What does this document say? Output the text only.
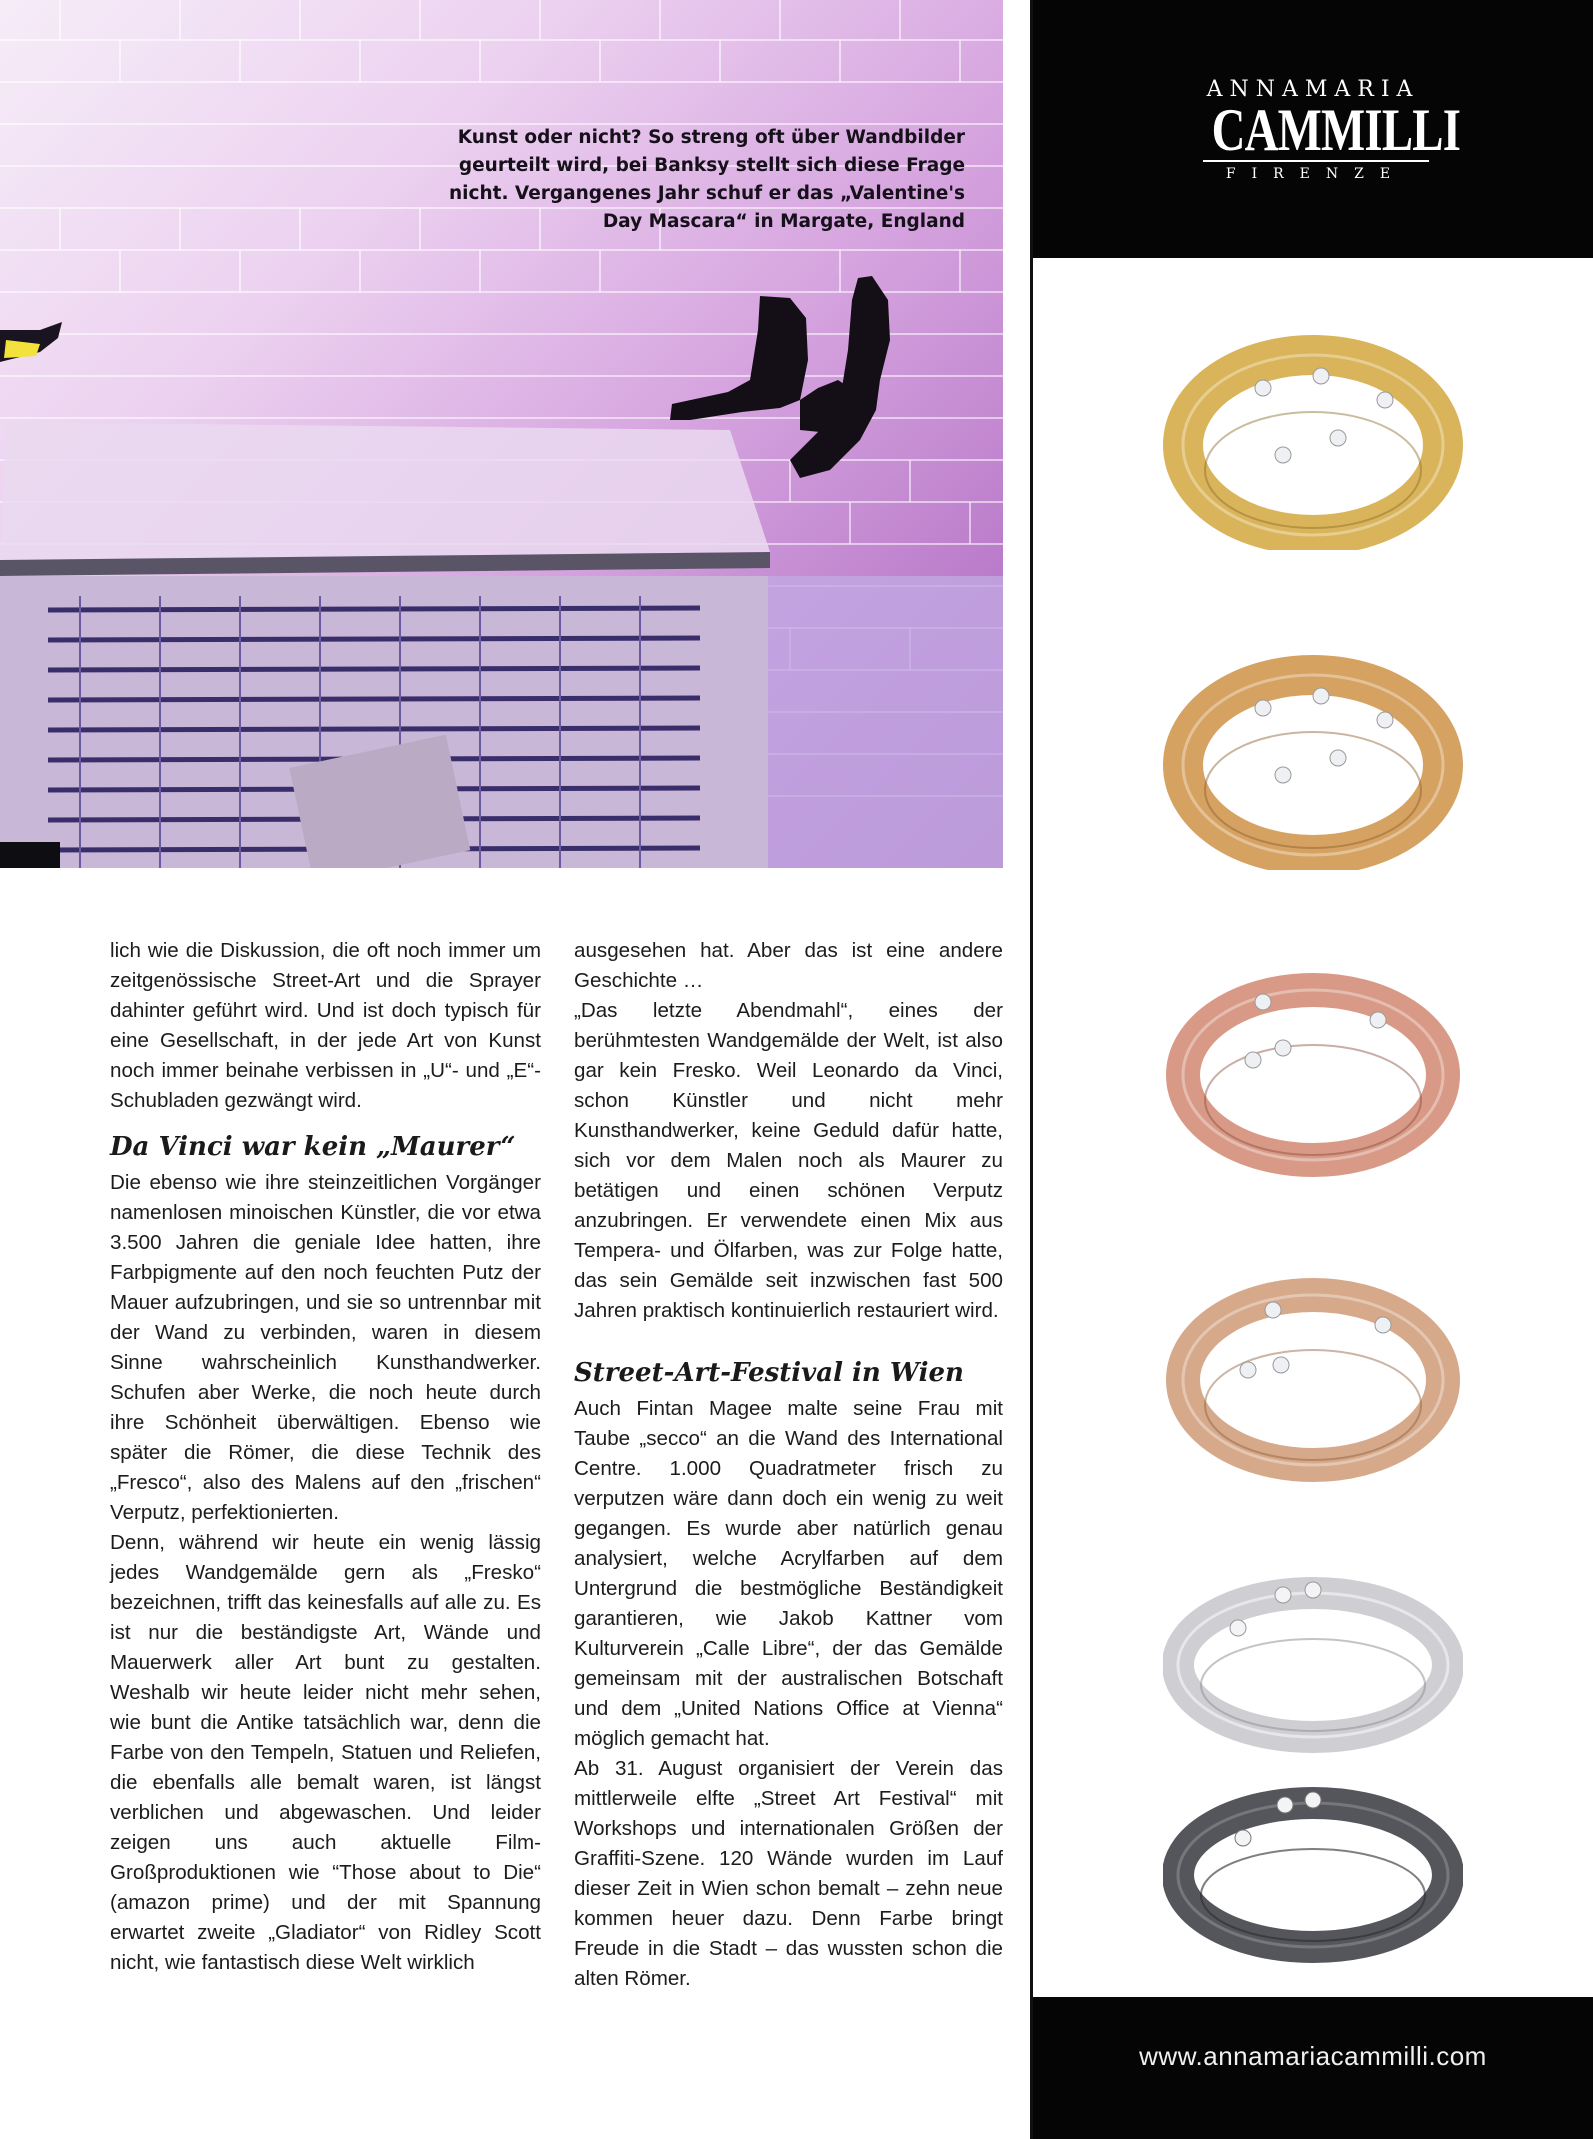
Kunst oder nicht? So streng oft über Wandbilder
geurteilt wird, bei Banksy stellt sich diese Frage
nicht. Vergangenes Jahr schuf er das „Valentine's
Day Mascara“ in Margate, England

lich wie die Diskussion, die oft noch immer um zeitgenössische Street-Art und die Sprayer dahinter geführt wird. Und ist doch typisch für eine Gesellschaft, in der jede Art von Kunst noch immer beinahe verbissen in „U“- und „E“-Schubladen gezwängt wird.

Da Vinci war kein „Maurer“

Die ebenso wie ihre steinzeitlichen Vorgänger namenlosen minoischen Künstler, die vor etwa 3.500 Jahren die geniale Idee hatten, ihre Farbpigmente auf den noch feuchten Putz der Mauer aufzubringen, und sie so untrennbar mit der Wand zu verbinden, waren in diesem Sinne wahrscheinlich Kunsthandwerker. Schufen aber Werke, die noch heute durch ihre Schönheit überwältigen. Ebenso wie später die Römer, die diese Technik des „Fresco“, also des Malens auf den „frischen“ Verputz, perfektionierten.

Denn, während wir heute ein wenig lässig jedes Wandgemälde gern als „Fresko“ bezeichnen, trifft das keinesfalls auf alle zu. Es ist nur die beständigste Art, Wände und Mauerwerk aller Art bunt zu gestalten. Weshalb wir heute leider nicht mehr sehen, wie bunt die Antike tatsächlich war, denn die Farbe von den Tempeln, Statuen und Reliefen, die ebenfalls alle bemalt waren, ist längst verblichen und abgewaschen. Und leider zeigen uns auch aktuelle Film-Großproduktionen wie “Those about to Die“ (amazon prime) und der mit Spannung erwartet zweite „Gladiator“ von Ridley Scott nicht, wie fantastisch diese Welt wirklich

ausgesehen hat. Aber das ist eine andere Geschichte …

„Das letzte Abendmahl“, eines der berühmtesten Wandgemälde der Welt, ist also gar kein Fresko. Weil Leonardo da Vinci, schon Künstler und nicht mehr Kunsthandwerker, keine Geduld dafür hatte, sich vor dem Malen noch als Maurer zu betätigen und einen schönen Verputz anzubringen. Er verwendete einen Mix aus Tempera- und Ölfarben, was zur Folge hatte, das sein Gemälde seit inzwischen fast 500 Jahren praktisch kontinuierlich restauriert wird.

Street-Art-Festival in Wien

Auch Fintan Magee malte seine Frau mit Taube „secco“ an die Wand des International Centre. 1.000 Quadratmeter frisch zu verputzen wäre dann doch ein wenig zu weit gegangen. Es wurde aber natürlich genau analysiert, welche Acrylfarben auf dem Untergrund die bestmögliche Beständigkeit garantieren, wie Jakob Kattner vom Kulturverein „Calle Libre“, der das Gemälde gemeinsam mit der australischen Botschaft und dem „United Nations Office at Vienna“ möglich gemacht hat.

Ab 31. August organisiert der Verein das mittlerweile elfte „Street Art Festival“ mit Workshops und internationalen Größen der Graffiti-Szene. 120 Wände wurden im Lauf dieser Zeit in Wien schon bemalt – zehn neue kommen heuer dazu. Denn Farbe bringt Freude in die Stadt – das wussten schon die alten Römer.

ANNAMARIA
CAMMILLI
FIRENZE
www.annamariacammilli.com
